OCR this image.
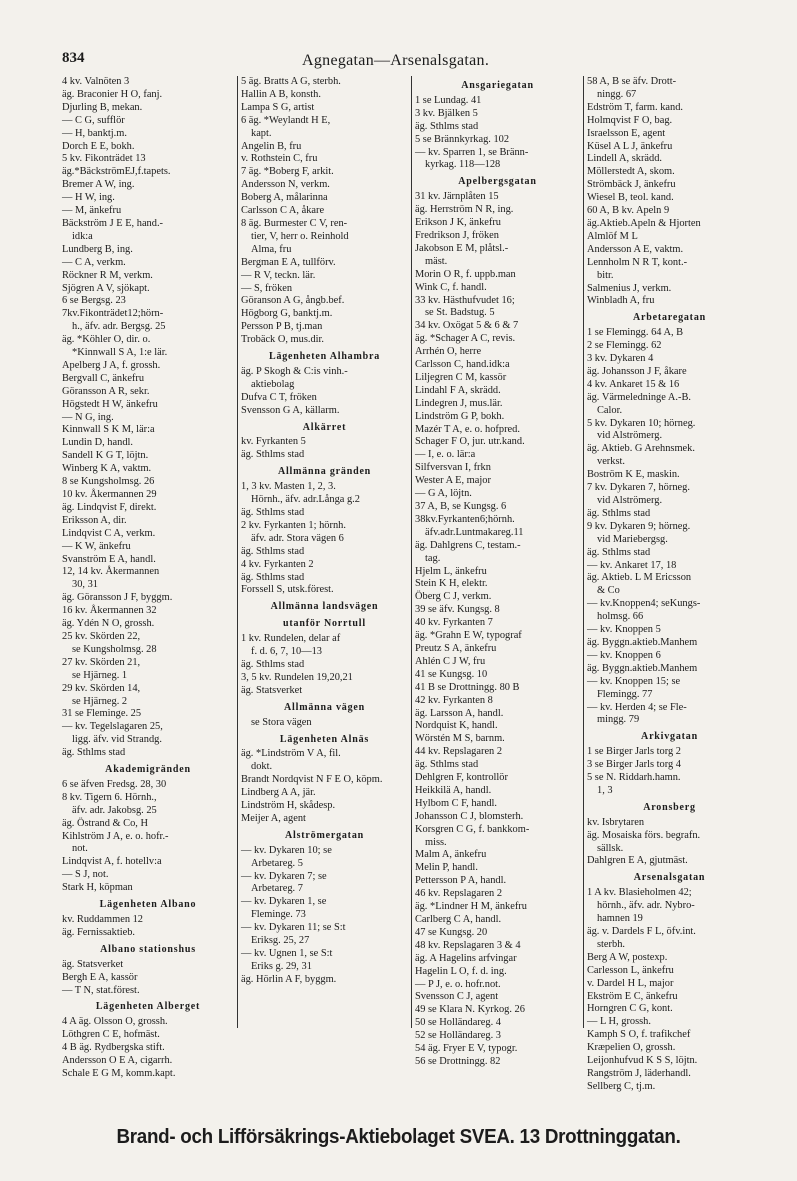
834	Agnegatan—Arsenalsgatan.
4 kv. Valnöten 3
äg. Braconier H O, fanj.
Djurling B, mekan.
— C G, sufflör
— H, banktj.m.
Dorch E E, bokh.
5 kv. Fikonträdet 13
äg.*BäckströmEJ,f.tapets.
Bremer A W, ing.
— H W, ing.
— M, änkefru
Bäckström J E E, hand.-
idk:a
Lundberg B, ing.
— C A, verkm.
Röckner R M, verkm.
Sjögren A V, sjökapt.
6 se Bergsg. 23
7kv.Fikonträdet12;hörn-
h., äfv. adr. Bergsg. 25
äg. *Köhler O, dir. o.
*Kinnwall S A, 1:e lär.
Apelberg J A, f. grossh.
Bergvall C, änkefru
Göransson A R, sekr.
Högstedt H W, änkefru
— N G, ing.
Kinnwall S K M, lär:a
Lundin D, handl.
Sandell K G T, löjtn.
Winberg K A, vaktm.
8 se Kungsholmsg. 26
10 kv. Åkermannen 29
äg. Lindqvist F, direkt.
Eriksson A, dir.
Lindqvist C A, verkm.
— K W, änkefru
Svanström E A, handl.
12, 14 kv. Åkermannen
30, 31
äg. Göransson J F, byggm.
16 kv. Åkermannen 32
äg. Ydén N O, grossh.
25 kv. Skörden 22,
se Kungsholmsg. 28
27 kv. Skörden 21,
se Hjärneg. 1
29 kv. Skörden 14,
se Hjärneg. 2
31 se Fleminge. 25
— kv. Tegelslagaren 25,
ligg. äfv. vid Strandg.
äg. Sthlms stad
Akademigränden
6 se äfven Fredsg. 28, 30
8 kv. Tigern 6. Hörnh.,
äfv. adr. Jakobsg. 25
äg. Östrand & Co, H
Kihlström J A, e. o. hofr.-
not.
Lindqvist A, f. hotellv:a
— S J, not.
Stark H, köpman
Lägenheten Albano
kv. Ruddammen 12
äg. Fernissaktieb.
Albano stationshus
äg. Statsverket
Bergh E A, kassör
— T N, stat.förest.
Lägenheten Alberget
4 A äg. Olsson O, grossh.
Löthgren C E, hofmäst.
4 B äg. Rydbergska stift.
Andersson O E A, cigarrh.
Schale E G M, komm.kapt.
5 äg. Bratts A G, sterbh.
Hallin A B, konsth.
Lampa S G, artist
6 äg. *Weylandt H E,
kapt.
Angelin B, fru
v. Rothstein C, fru
7 äg. *Boberg F, arkit.
Andersson N, verkm.
Boberg A, målarinna
Carlsson C A, åkare
8 äg. Burmester C V, ren-
tier, V, herr o. Reinhold
Alma, fru
Bergman E A, tullförv.
— R V, teckn. lär.
— S, fröken
Göranson A G, ångb.bef.
Högborg G, banktj.m.
Persson P B, tj.man
Trobäck O, mus.dir.
Lägenheten Alhambra
äg. P Skogh & C:is vinh.-
aktiebolag
Dufva C T, fröken
Svensson G A, källarm.
Alkärret
kv. Fyrkanten 5
äg. Sthlms stad
Allmänna gränden
1, 3 kv. Masten 1, 2, 3.
Hörnh., äfv. adr.Långa g.2
äg. Sthlms stad
2 kv. Fyrkanten 1; hörnh.
äfv. adr. Stora vägen 6
äg. Sthlms stad
4 kv. Fyrkanten 2
äg. Sthlms stad
Forssell S, utsk.förest.
Allmänna landsvägen
utanför Norrtull
1 kv. Rundelen, delar af
f. d. 6, 7, 10—13
äg. Sthlms stad
3, 5 kv. Rundelen 19,20,21
äg. Statsverket
Allmänna vägen
se Stora vägen
Lägenheten Alnäs
äg. *Lindström V A, fil.
dokt.
Brandt Nordqvist N F E O, köpm.
Lindberg A A, jär.
Lindström H, skådesp.
Meijer A, agent
Alströmergatan
— kv. Dykaren 10; se
Arbetareg. 5
— kv. Dykaren 7; se
Arbetareg. 7
— kv. Dykaren 1, se
Fleminge. 73
— kv. Dykaren 11; se S:t
Eriksg. 25, 27
— kv. Ugnen 1, se S:t
Eriks g. 29, 31
äg. Hörlin A F, byggm.
Ansgariegatan
1 se Lundag. 41
3 kv. Bjälken 5
äg. Sthlms stad
5 se Brännkyrkag. 102
— kv. Sparren 1, se Bränn-
kyrkag. 118—128
Apelbergsgatan
31 kv. Järnplåten 15
äg. Herrström N R, ing.
Erikson J K, änkefru
Fredrikson J, fröken
Jakobson E M, plåtsl.-
mäst.
Morin O R, f. uppb.man
Wink C, f. handl.
33 kv. Hästhufvudet 16;
se St. Badstug. 5
34 kv. Oxögat 5 & 6 & 7
äg. *Schager A C, revis.
Arrhén O, herre
Carlsson C, hand.idk:a
Liljegren C M, kassör
Lindahl F A, skrädd.
Lindegren J, mus.lär.
Lindström G P, bokh.
Mazér T A, e. o. hofpred.
Schager F O, jur. utr.kand.
— I, e. o. lär:a
Silfversvan I, frkn
Wester A E, major
— G A, löjtn.
37 A, B, se Kungsg. 6
38kv.Fyrkanten6;hörnh.
äfv.adr.Luntmakareg.11
äg. Dahlgrens C, testam.-
tag.
Hjelm L, änkefru
Stein K H, elektr.
Öberg C J, verkm.
39 se äfv. Kungsg. 8
40 kv. Fyrkanten 7
äg. *Grahn E W, typograf
Preutz S A, änkefru
Ahlén C J W, fru
41 se Kungsg. 10
41 B se Drottningg. 80 B
42 kv. Fyrkanten 8
äg. Larsson A, handl.
Nordquist K, handl.
Wörstén M S, barnm.
44 kv. Repslagaren 2
äg. Sthlms stad
Dehlgren F, kontrollör
Heikkilä A, handl.
Hylbom C F, handl.
Johansson C J, blomsterh.
Korsgren C G, f. bankkom-
miss.
Malm A, änkefru
Melin P, handl.
Pettersson P A, handl.
46 kv. Repslagaren 2
äg. *Lindner H M, änkefru
Carlberg C A, handl.
47 se Kungsg. 20
48 kv. Repslagaren 3 & 4
äg. A Hagelins arfvingar
Hagelin L O, f. d. ing.
— P J, e. o. hofr.not.
Svensson C J, agent
49 se Klara N. Kyrkog. 26
50 se Holländareg. 4
52 se Holländareg. 3
54 äg. Fryer E V, typogr.
56 se Drottningg. 82
58 A, B se äfv. Drott-
ningg. 67
Edström T, farm. kand.
Holmqvist F O, bag.
Israelsson E, agent
Küsel A L J, änkefru
Lindell A, skrädd.
Möllerstedt A, skom.
Strömbäck J, änkefru
Wiesel B, teol. kand.
60 A, B kv. Apeln 9
äg.Aktieb.Apeln & Hjorten
Almlöf M L
Andersson A E, vaktm.
Lennholm N R T, kont.-
bitr.
Salmenius J, verkm.
Winbladh A, fru
Arbetaregatan
1 se Flemingg. 64 A, B
2 se Flemingg. 62
3 kv. Dykaren 4
äg. Johansson J F, åkare
4 kv. Ankaret 15 & 16
äg. Värmeledninge A.-B.
Calor.
5 kv. Dykaren 10; hörneg.
vid Alströmerg.
äg. Aktieb. G Arehnsmek.
verkst.
Boström K E, maskin.
7 kv. Dykaren 7, hörneg.
vid Alströmerg.
äg. Sthlms stad
9 kv. Dykaren 9; hörneg.
vid Mariebergsg.
äg. Sthlms stad
— kv. Ankaret 17, 18
äg. Aktieb. L M Ericsson
& Co
— kv.Knoppen4; seKungs-
holmsg. 66
— kv. Knoppen 5
äg. Byggn.aktieb.Manhem
— kv. Knoppen 6
äg. Byggn.aktieb.Manhem
— kv. Knoppen 15; se
Flemingg. 77
— kv. Herden 4; se Fle-
mingg. 79
Arkivgatan
1 se Birger Jarls torg 2
3 se Birger Jarls torg 4
5 se N. Riddarh.hamn.
1, 3
Aronsberg
kv. Isbrytaren
äg. Mosaiska förs. begrafn.
sällsk.
Dahlgren E A, gjutmäst.
Arsenalsgatan
1 A kv. Blasieholmen 42;
hörnh., äfv. adr. Nybro-
hamnen 19
äg. v. Dardels F L, öfv.int.
sterbh.
Berg A W, postexp.
Carlesson L, änkefru
v. Dardel H L, major
Ekström E C, änkefru
Horngren C G, kont.
— L H, grossh.
Kamph S O, f. trafikchef
Kræpelien O, grossh.
Leijonhufvud K S S, löjtn.
Rangström J, läderhandl.
Sellberg C, tj.m.
Brand- och Lifförsäkrings-Aktiebolaget SVEA. 13 Drottninggatan.
